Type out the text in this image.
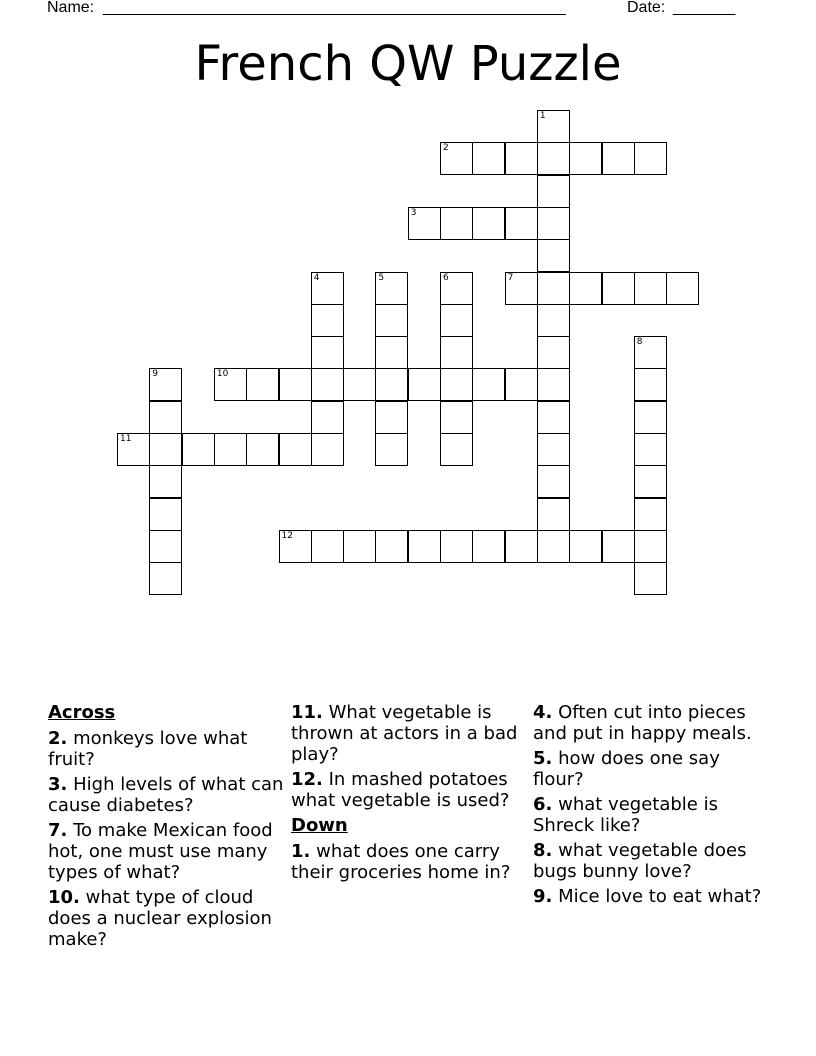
Name: ____________________________________________________	Date: _______
French QW Puzzle
2
3
7
10
11
12
1
4	5	6
8
9
Across
2. monkeys love what fruit?
3. High levels of what can cause diabetes?
7. To make Mexican food hot, one must use many types of what?
10. what type of cloud does a nuclear explosion make?
11. What vegetable is thrown at actors in a bad play?
12. In mashed potatoes what vegetable is used?
Down
1. what does one carry their groceries home in?
4. Often cut into pieces and put in happy meals.
5. how does one say flour?
6. what vegetable is Shreck like?
8. what vegetable does bugs bunny love?
9. Mice love to eat what?
